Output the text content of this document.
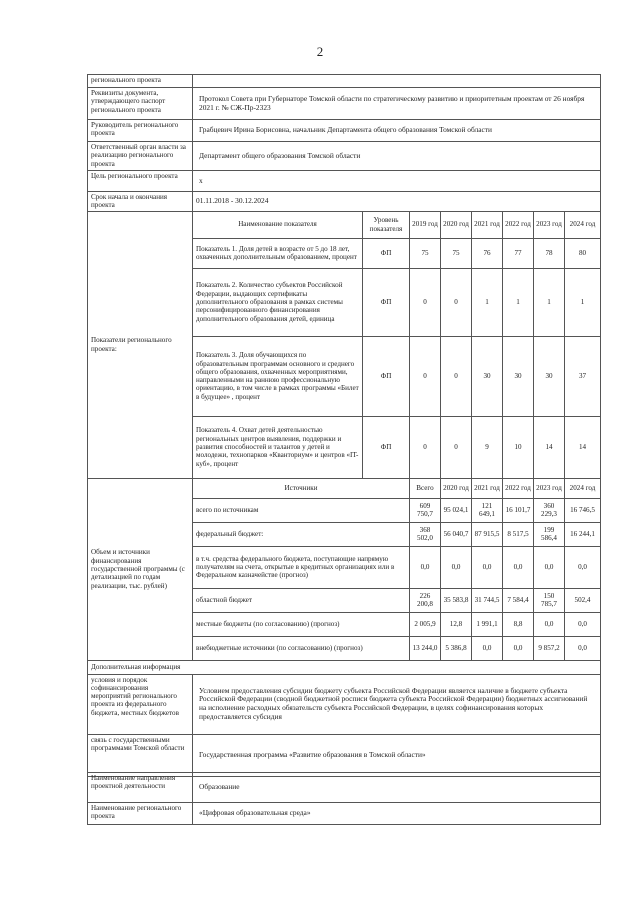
2
регионального проекта								
Реквизиты документа, утверждающего паспорт регионального проекта	Протокол Совета при Губернаторе Томской области по стратегическому развитию и приоритетным проектам от 26 ноября 2021 г. № СЖ-Пр-2323							
Руководитель регионального проекта	Грабцевич Ирина Борисовна, начальник Департамента общего образования Томской области							
Ответственный орган власти за реализацию регионального проекта	Департамент общего образования Томской области							
Цель регионального проекта	х							
Срок начала и окончания проекта	01.11.2018 - 30.12.2024							
Показатели регионального проекта:	Наименование показателя	Уровень показателя	2019 год	2020 год	2021 год	2022 год	2023 год	2024 год
	Показатель 1. Доля детей в возрасте от 5 до 18 лет, охваченных дополнительным образованием, процент	ФП	75	75	76	77	78	80
	Показатель 2. Количество субъектов Российской Федерации, выдающих сертификаты дополнительного образования в рамках системы персонифицированного финансирования дополнительного образования детей, единица	ФП	0	0	1	1	1	1
	Показатель 3. Доля обучающихся по образовательным программам основного и среднего общего образования, охваченных мероприятиями, направленными на раннюю профессиональную ориентацию, в том числе в рамках программы «Билет в будущее» , процент	ФП	0	0	30	30	30	37
	Показатель 4. Охват детей деятельностью региональных центров выявления, поддержки и развития способностей и талантов у детей и молодежи, технопарков «Кванториум» и центров «IT-куб», процент	ФП	0	0	9	10	14	14
Объем и источники финансирования государственной программы (с детализацией по годам реализации, тыс. рублей)	Источники		Всего	2020 год	2021 год	2022 год	2023 год	2024 год
	всего по источникам		609 750,7	95 024,1	121 649,1	16 101,7	360 229,3	16 746,5
	федеральный бюджет:		368 502,0	56 040,7	87 915,5	8 517,5	199 586,4	16 244,1
	в т.ч. средства федерального бюджета, поступающие напрямую получателям на счета, открытые в кредитных организациях или в Федеральном казначействе (прогноз)		0,0	0,0	0,0	0,0	0,0	0,0
	областной бюджет		226 200,8	35 583,8	31 744,5	7 584,4	150 785,7	502,4
	местные бюджеты (по согласованию) (прогноз)		2 005,9	12,8	1 991,1	8,8	0,0	0,0
	внебюджетные источники (по согласованию) (прогноз)		13 244,0	5 386,8	0,0	0,0	9 857,2	0,0
Дополнительная информация								
условия и порядок софинансирования мероприятий регионального проекта из федерального бюджета, местных бюджетов	Условием предоставления субсидии бюджету субъекта Российской Федерации является наличие в бюджете субъекта Российской Федерации (сводной бюджетной росписи бюджета субъекта Российской Федерации) бюджетных ассигнований на исполнение расходных обязательств субъекта Российской Федерации, в целях софинансирования которых предоставляется субсидия							
связь с государственными программами Томской области	Государственная программа «Развитие образования в Томской области»							
Наименование направления проектной деятельности	Образование
Наименование регионального проекта	«Цифровая образовательная среда»
